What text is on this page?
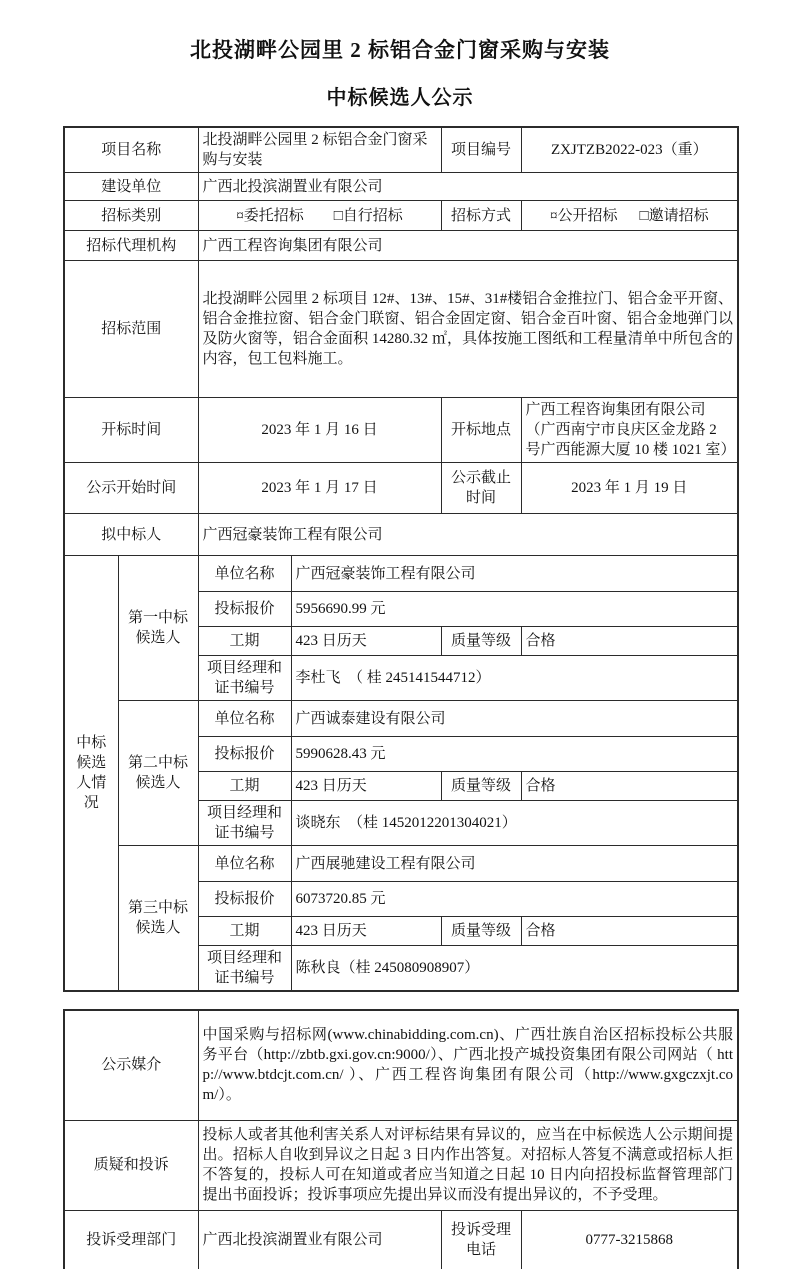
北投湖畔公园里 2 标铝合金门窗采购与安装
中标候选人公示
项目名称		北投湖畔公园里 2 标铝合金门窗采购与安装		项目编号	ZXJTZB2022-023（重）
建设单位		广西北投滨湖置业有限公司			
招标类别		¤委托招标 □自行招标		招标方式	¤公开招标 □邀请招标

招标代理机构		广西工程咨询集团有限公司			
招标范围		北投湖畔公园里 2 标项目 12#、13#、15#、31#楼铝合金推拉门、铝合金平开窗、铝合金推拉窗、铝合金门联窗、铝合金固定窗、铝合金百叶窗、铝合金地弹门以及防火窗等，铝合金面积 14280.32 ㎡，具体按施工图纸和工程量清单中所包含的内容，包工包料施工。			
开标时间		2023 年 1 月 16 日		开标地点	广西工程咨询集团有限公司（广西南宁市良庆区金龙路 2 号广西能源大厦 10 楼 1021 室）
公示开始时间		2023 年 1 月 17 日		公示截止时间	2023 年 1 月 19 日
拟中标人		广西冠豪装饰工程有限公司			
中标候选人情况	第一中标候选人	单位名称	广西冠豪装饰工程有限公司		
		投标报价	5956690.99 元		
		工期	423 日历天	质量等级	合格
		项目经理和证书编号	李杜飞　（ 桂 245141544712）		
	第二中标候选人	单位名称	广西诚泰建设有限公司		
		投标报价	5990628.43 元		
		工期	423 日历天	质量等级	合格
		项目经理和证书编号	谈晓东　（桂 1452012201304021）		
	第三中标候选人	单位名称	广西展驰建设工程有限公司		
		投标报价	6073720.85 元		
		工期	423 日历天	质量等级	合格
		项目经理和证书编号	陈秋良（桂 245080908907）		
公示媒介	中国采购与招标网(www.chinabidding.com.cn)、广西壮族自治区招标投标公共服务平台（http://zbtb.gxi.gov.cn:9000/）、广西北投产城投资集团有限公司网站（ http://www.btdcjt.com.cn/ ）、广西工程咨询集团有限公司（http://www.gxgczxjt.com/）。		
质疑和投诉	投标人或者其他利害关系人对评标结果有异议的，应当在中标候选人公示期间提出。招标人自收到异议之日起 3 日内作出答复。对招标人答复不满意或招标人拒不答复的，投标人可在知道或者应当知道之日起 10 日内向招投标监督管理部门提出书面投诉；投诉事项应先提出异议而没有提出异议的，不予受理。		
投诉受理部门	广西北投滨湖置业有限公司	投诉受理电话	0777-3215868
